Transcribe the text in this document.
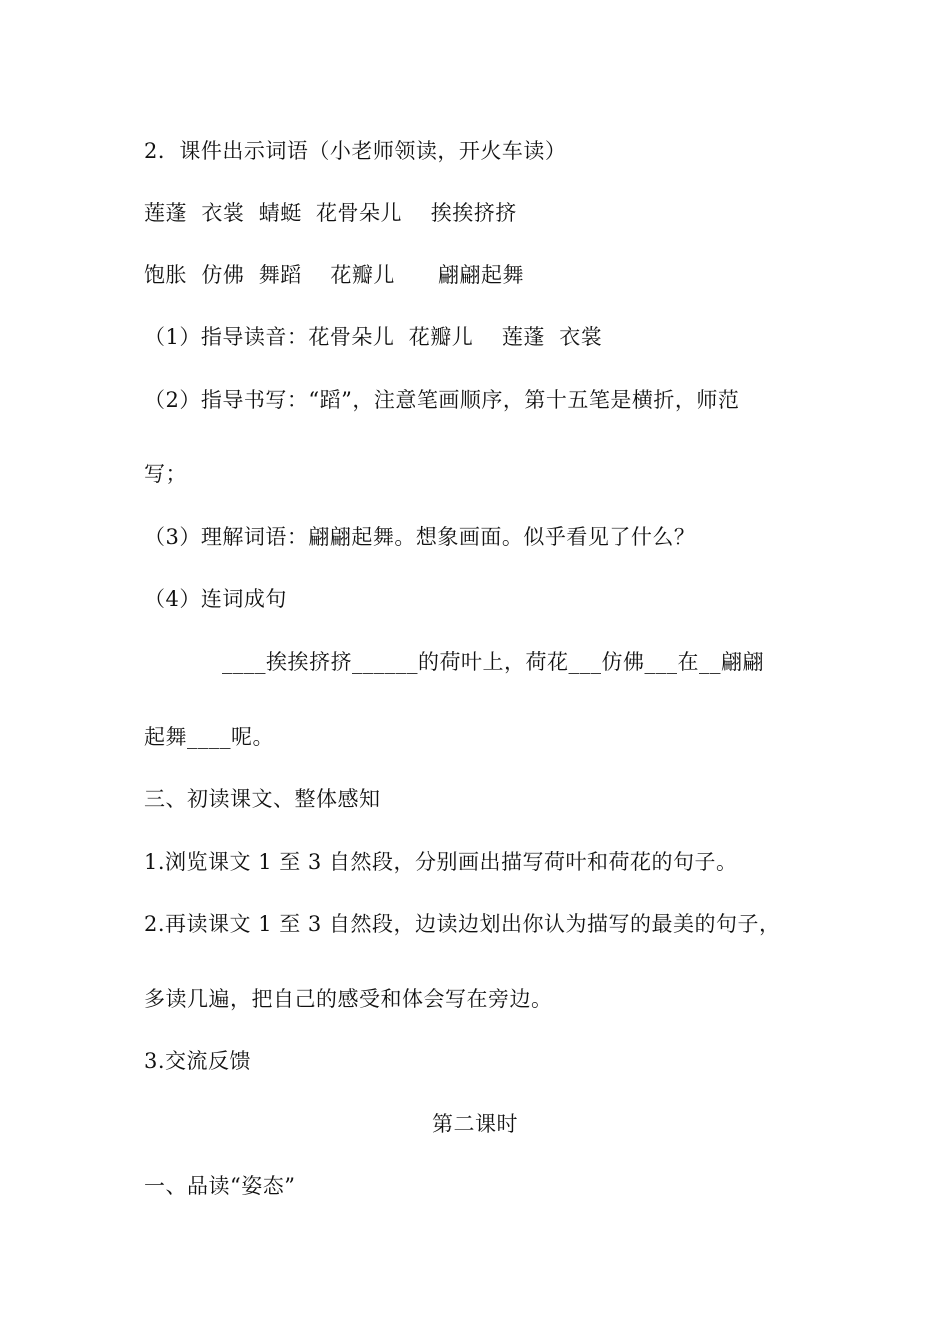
2．课件出示词语（小老师领读，开火车读）
莲蓬  衣裳  蜻蜓  花骨朵儿    挨挨挤挤
饱胀  仿佛  舞蹈    花瓣儿      翩翩起舞
（1）指导读音：花骨朵儿  花瓣儿    莲蓬  衣裳
（2）指导书写：“蹈”，注意笔画顺序，第十五笔是横折，师范
写；
（3）理解词语：翩翩起舞。想象画面。似乎看见了什么？
（4）连词成句
____挨挨挤挤______的荷叶上，荷花___仿佛___在__翩翩
起舞____呢。
三、初读课文、整体感知
1.浏览课文 1 至 3 自然段，分别画出描写荷叶和荷花的句子。
2.再读课文 1 至 3 自然段，边读边划出你认为描写的最美的句子，
多读几遍，把自己的感受和体会写在旁边。
3.交流反馈
第二课时
一、品读“姿态”
